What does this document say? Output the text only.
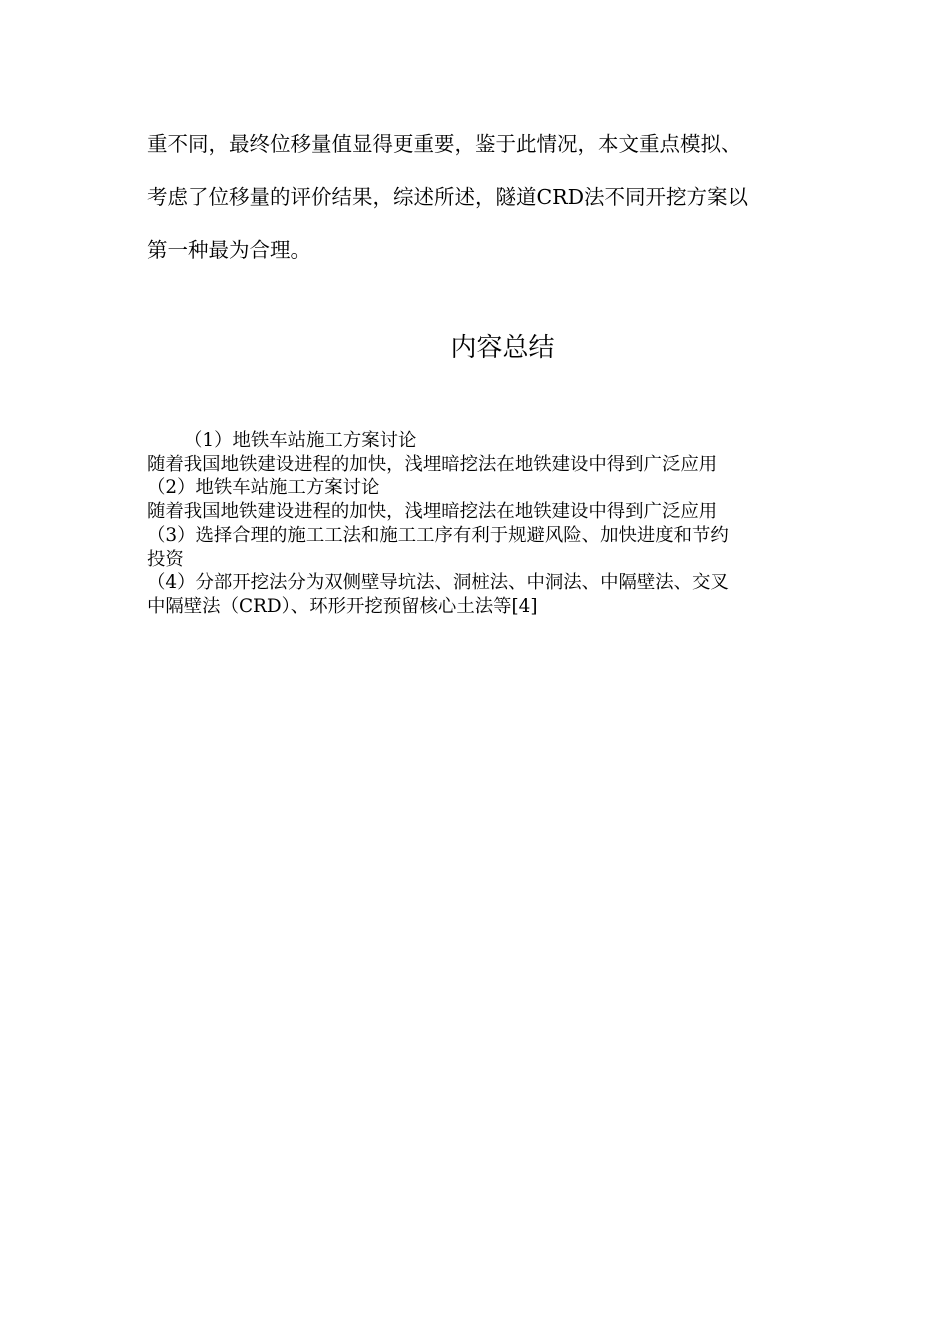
重不同，最终位移量值显得更重要，鉴于此情况，本文重点模拟、

考虑了位移量的评价结果，综述所述，隧道CRD法不同开挖方案以

第一种最为合理。

内容总结

（1）地铁车站施工方案讨论

随着我国地铁建设进程的加快，浅埋暗挖法在地铁建设中得到广泛应用

（2）地铁车站施工方案讨论

随着我国地铁建设进程的加快，浅埋暗挖法在地铁建设中得到广泛应用

（3）选择合理的施工工法和施工工序有利于规避风险、加快进度和节约

投资

（4）分部开挖法分为双侧壁导坑法、洞桩法、中洞法、中隔壁法、交叉

中隔壁法（CRD）、环形开挖预留核心土法等[4]
